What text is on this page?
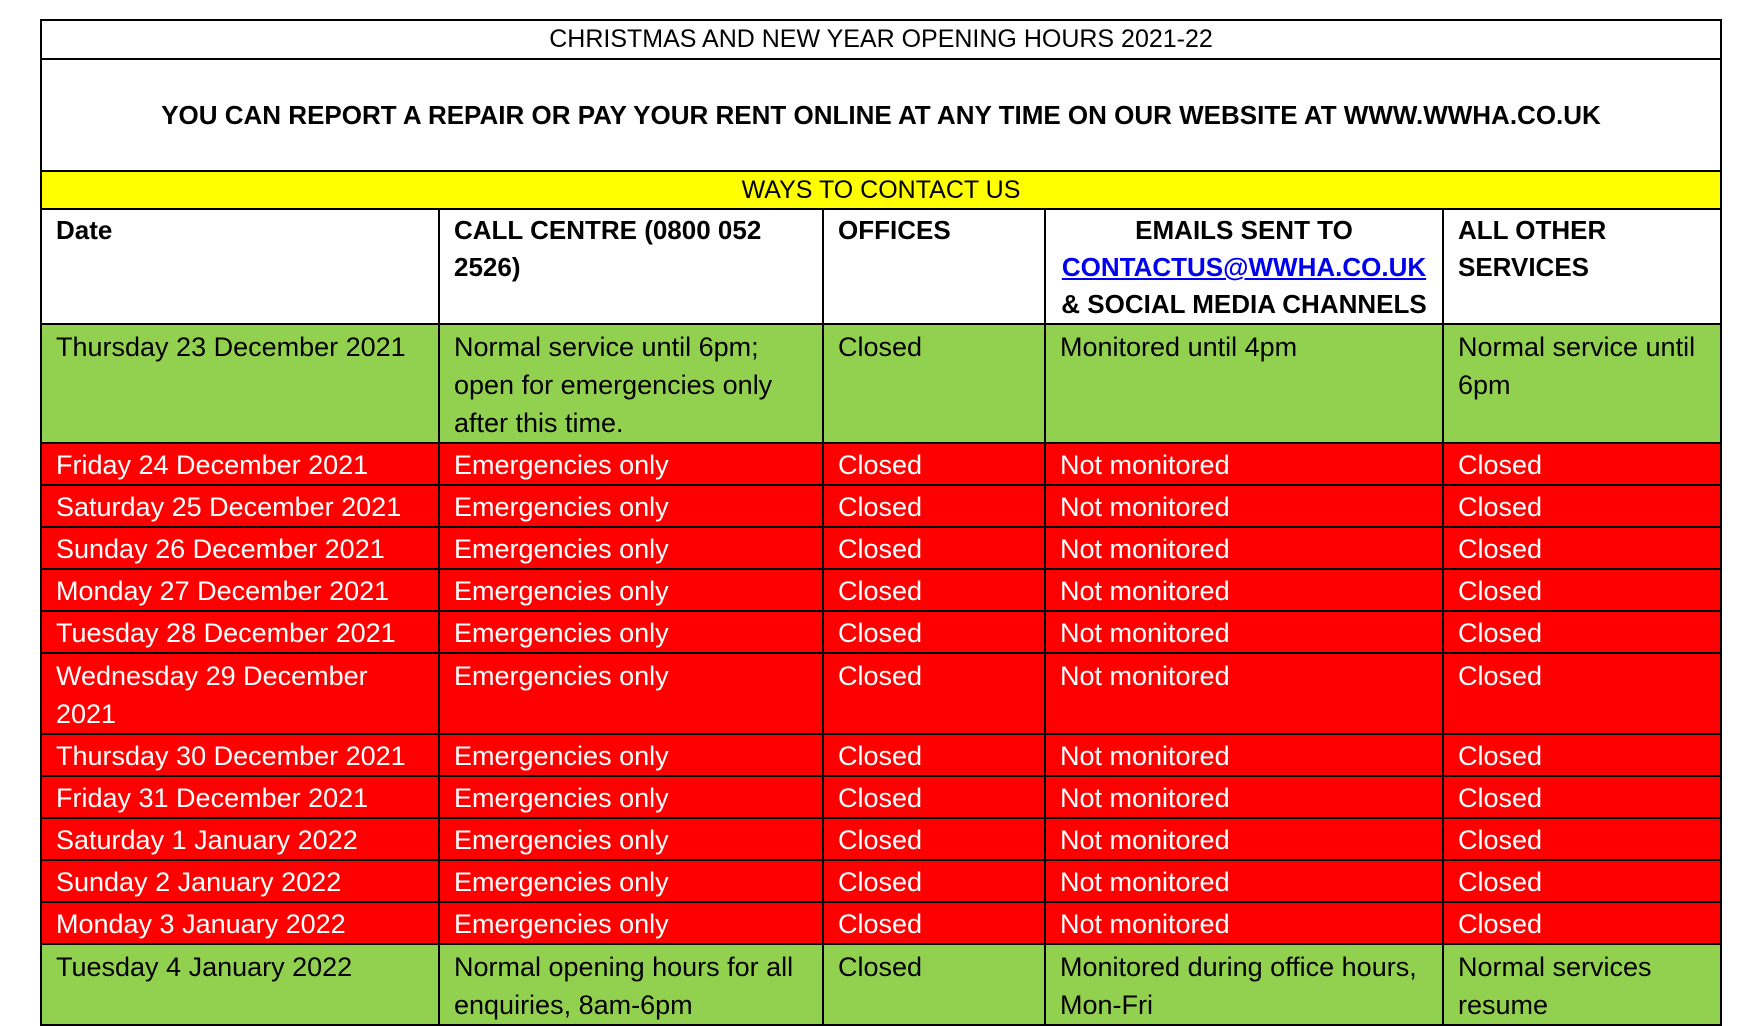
CHRISTMAS AND NEW YEAR OPENING HOURS 2021-22				
YOU CAN REPORT A REPAIR OR PAY YOUR RENT ONLINE AT ANY TIME ON OUR WEBSITE AT WWW.WWHA.CO.UK				
WAYS TO CONTACT US				
Date	CALL CENTRE (0800 052 2526)	OFFICES	EMAILS SENT TO
CONTACTUS@WWHA.CO.UK
& SOCIAL MEDIA CHANNELS	ALL OTHER SERVICES
Thursday 23 December 2021	Normal service until 6pm; open for emergencies only after this time.	Closed	Monitored until 4pm	Normal service until 6pm
Friday 24 December 2021	Emergencies only	Closed	Not monitored	Closed
Saturday 25 December 2021	Emergencies only	Closed	Not monitored	Closed
Sunday 26 December 2021	Emergencies only	Closed	Not monitored	Closed
Monday 27 December 2021	Emergencies only	Closed	Not monitored	Closed
Tuesday 28 December 2021	Emergencies only	Closed	Not monitored	Closed
Wednesday 29 December 2021	Emergencies only	Closed	Not monitored	Closed
Thursday 30 December 2021	Emergencies only	Closed	Not monitored	Closed
Friday 31 December 2021	Emergencies only	Closed	Not monitored	Closed
Saturday 1 January 2022	Emergencies only	Closed	Not monitored	Closed
Sunday 2 January 2022	Emergencies only	Closed	Not monitored	Closed
Monday 3 January 2022	Emergencies only	Closed	Not monitored	Closed
Tuesday 4 January 2022	Normal opening hours for all enquiries, 8am-6pm	Closed	Monitored during office hours, Mon-Fri	Normal services resume
